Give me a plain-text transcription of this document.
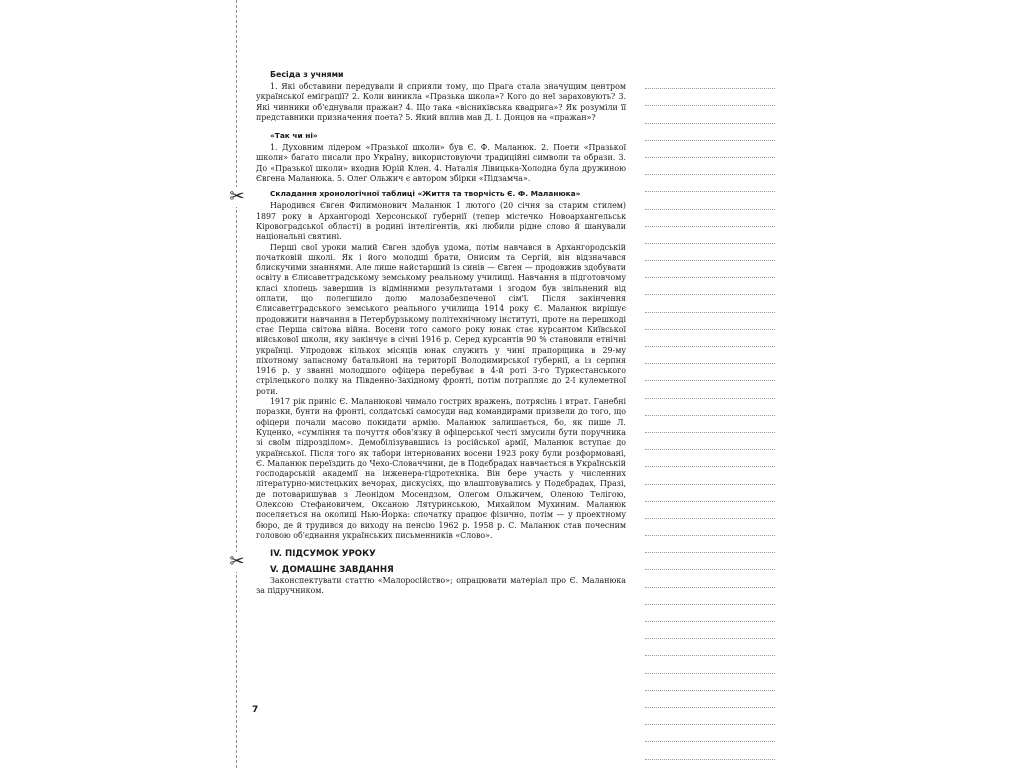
✂
✂
Бесіда з учнями

1. Які обставини передували й сприяли тому, що Прага стала значущим центром української еміграції? 2. Коли виникла «Празька школа»? Кого до неї зараховують? 3. Які чинники об'єднували пражан? 4. Що така «вісниківська квадрига»? Як розуміли її представники призначення поета? 5. Який вплив мав Д. І. Донцов на «пражан»?

«Так чи ні»

1. Духовним лідером «Празької школи» був Є. Ф. Маланюк. 2. Поети «Празької школи» багато писали про Україну, використовуючи традиційні символи та образи. 3. До «Празької школи» входив Юрій Клен. 4. Наталія Лівицька-Холодна була дружиною Євгена Маланюка. 5. Олег Ольжич є автором збірки «Підзамча».

Складання хронологічної таблиці «Життя та творчість Є. Ф. Маланюка»

Народився Євген Филимонович Маланюк 1 лютого (20 січня за старим стилем) 1897 року в Архангороді Херсонської губернії (тепер містечко Новоархангельськ Кіровоградської області) в родині інтелігентів, які любили рідне слово й шанували національні святині.

Перші свої уроки малий Євген здобув удома, потім навчався в Архангородській початковій школі. Як і його молодші брати, Онисим та Сергій, він відзначався блискучими знаннями. Але лише найстарший із синів — Євген — продовжив здобувати освіту в Єлисаветградському земському реальному училищі. Навчання в підготовчому класі хлопець завершив із відмінними результатами і згодом був звільнений від оплати, що полегшило долю малозабезпеченої сім'ї. Після закінчення Єлисаветградського земського реального училища 1914 року Є. Маланюк вирішує продовжити навчання в Петербурзькому політехнічному інституті, проте на перешкоді стає Перша світова війна. Восени того самого року юнак стає курсантом Київської військової школи, яку закінчує в січні 1916 р. Серед курсантів 90 % становили етнічні українці. Упродовж кількох місяців юнак служить у чині прапорщика в 29-му піхотному запасному батальйоні на території Володимирської губернії, а із серпня 1916 р. у званні молодшого офіцера перебуває в 4-й роті 3-го Туркестанського стрілецького полку на Південно-Західному фронті, потім потрапляє до 2-ї кулеметної роти.

1917 рік приніс Є. Маланюкові чимало гострих вражень, потрясінь і втрат. Ганебні поразки, бунти на фронті, солдатські самосуди над командирами призвели до того, що офіцери почали масово покидати армію. Маланюк залишається, бо, як пише Л. Куценко, «сумління та почуття обов'язку й офіцерської честі змусили бути поручника зі своїм підрозділом». Демобілізувавшись із російської армії, Маланюк вступає до української. Після того як табори інтернованих восени 1923 року були розформовані, Є. Маланюк переїздить до Чехо-Словаччини, де в Подєбрадах навчається в Українській господарській академії на інженера-гідротехніка. Він бере участь у численних літературно-мистецьких вечорах, дискусіях, що влаштовувались у Подєбрадах, Празі, де потоваришував з Леонідом Мосендзом, Олегом Ольжичем, Оленою Телігою, Олексою Стефановичем, Оксаною Лятуринською, Михайлом Мухиним. Маланюк поселяється на околиці Нью-Йорка: спочатку працює фізично, потім — у проектному бюро, де й трудився до виходу на пенсію 1962 р. 1958 р. С. Маланюк став почесним головою об'єднання українських письменників «Слово».

IV. ПІДСУМОК УРОКУ
V. ДОМАШНЄ ЗАВДАННЯ

Законспектувати статтю «Малоросійство»; опрацювати матеріал про Є. Маланюка за підручником.

7
